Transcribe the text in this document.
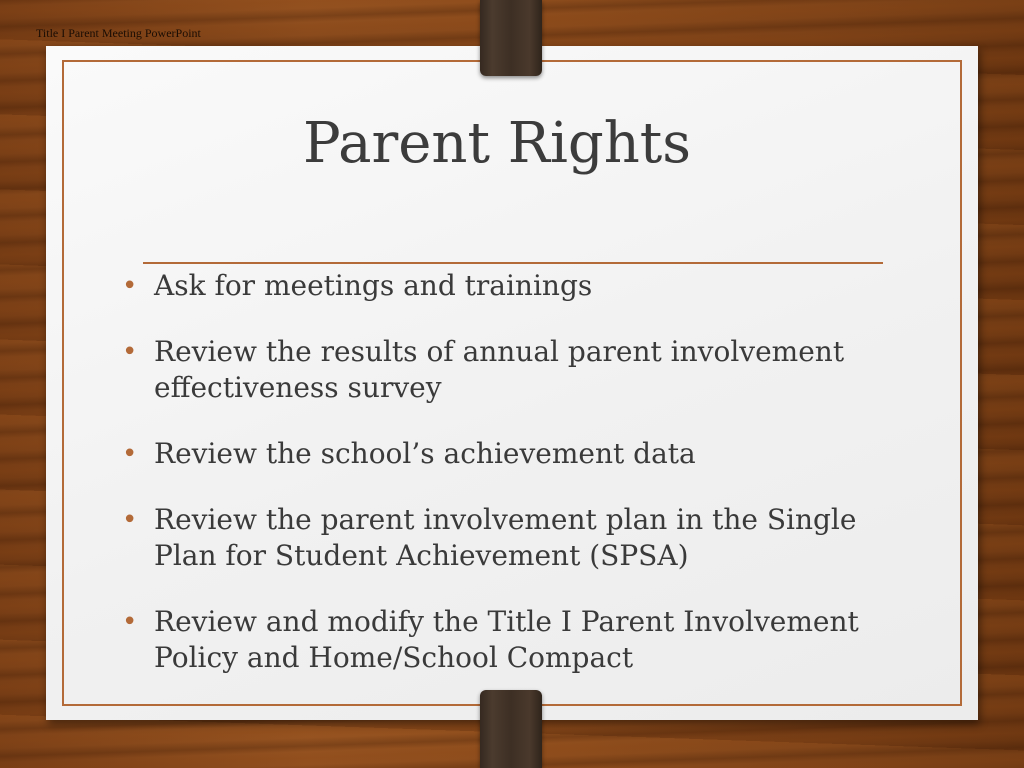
Title I Parent Meeting PowerPoint
Parent Rights
• Ask for meetings and trainings
• Review the results of annual parent involvement effectiveness survey
• Review the school’s achievement data
• Review the parent involvement plan in the Single Plan for Student Achievement (SPSA)
• Review and modify the Title I Parent Involvement Policy and Home/School Compact
